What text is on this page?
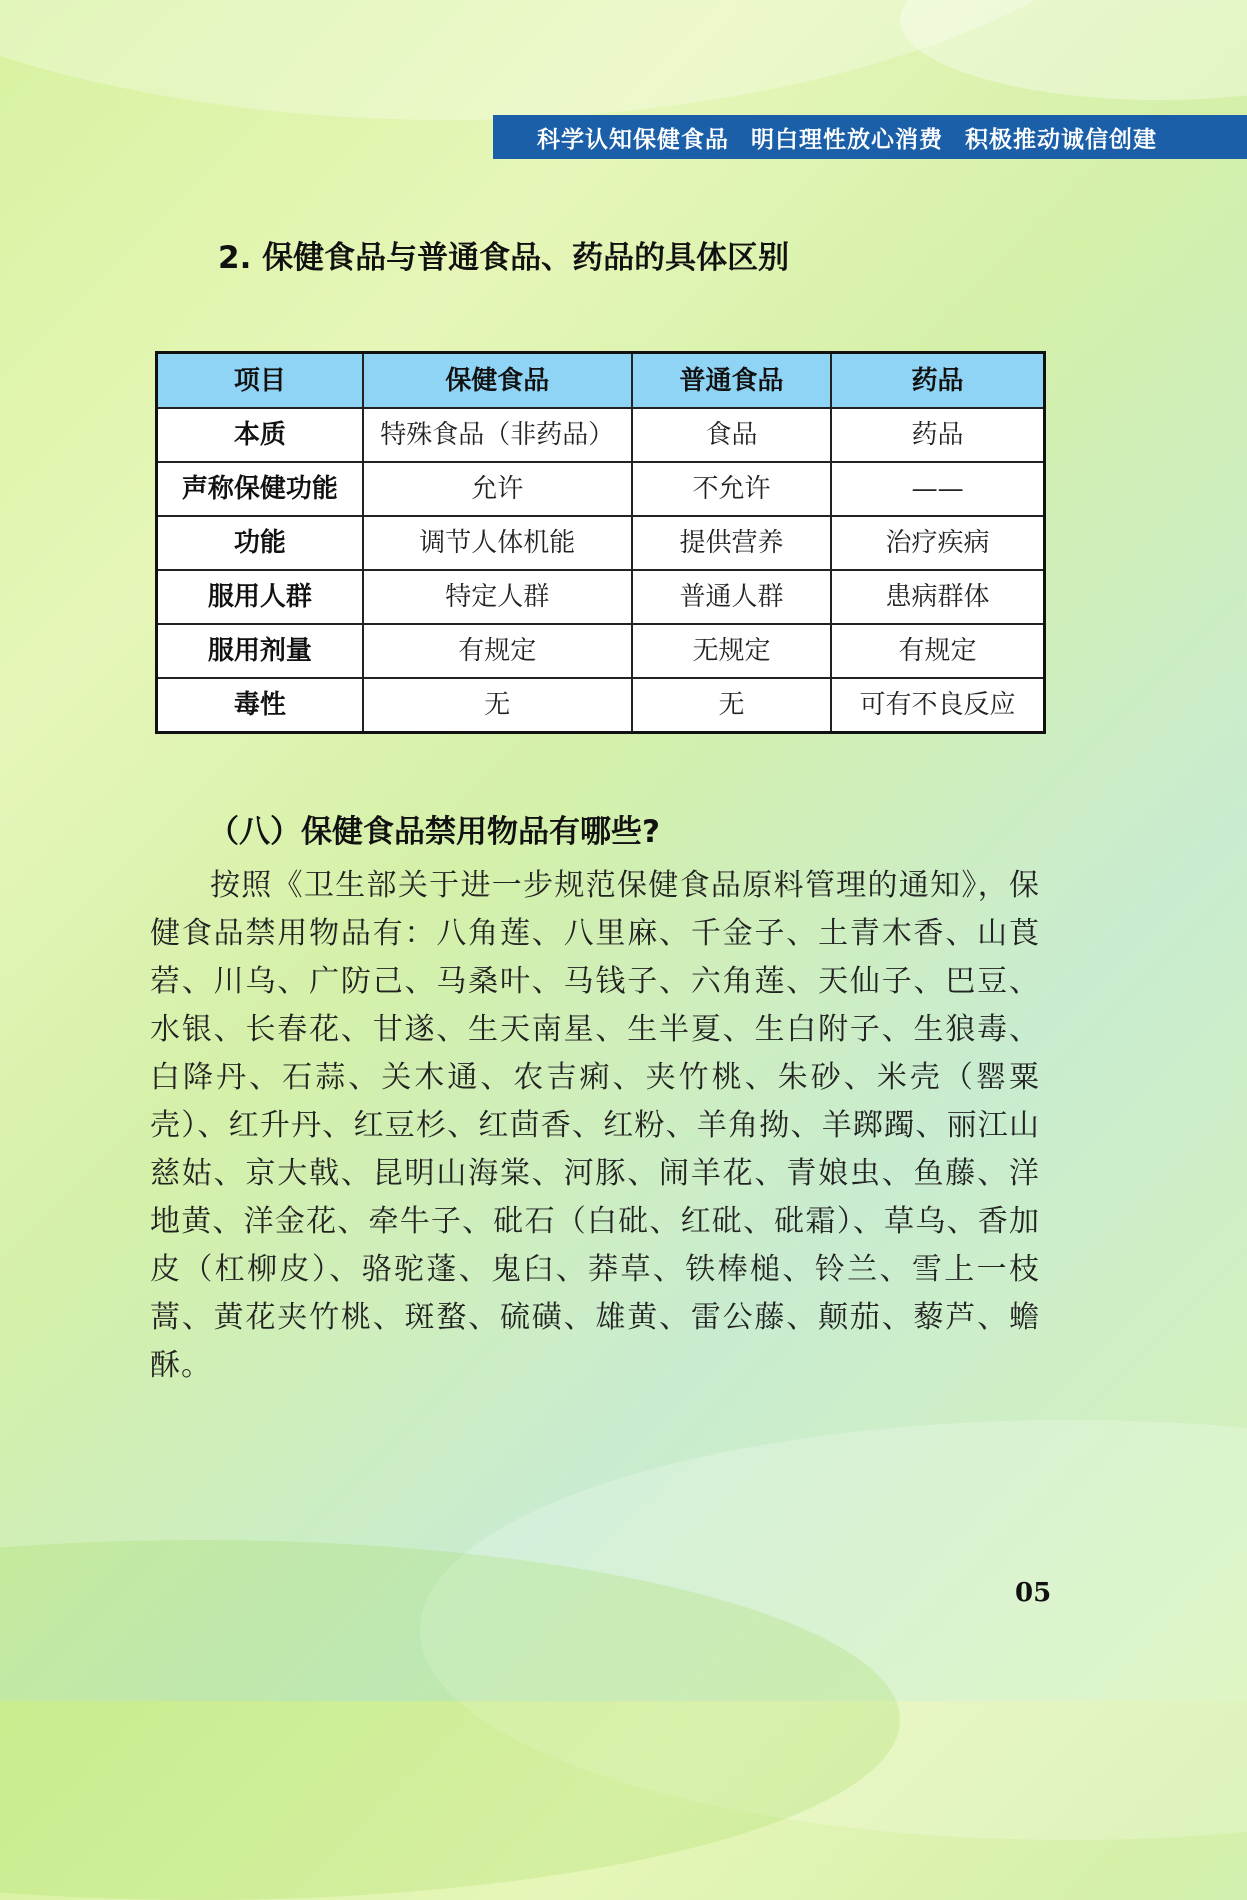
科学认知保健食品 明白理性放心消费 积极推动诚信创建
2. 保健食品与普通食品、药品的具体区别
项目	保健食品	普通食品	药品
本质	特殊食品（非药品）	食品	药品
声称保健功能	允许	不允许	——
功能	调节人体机能	提供营养	治疗疾病
服用人群	特定人群	普通人群	患病群体
服用剂量	有规定	无规定	有规定
毒性	无	无	可有不良反应
（八）保健食品禁用物品有哪些?

按照《卫生部关于进一步规范保健食品原料管理的通知》，保健食品禁用物品有：八角莲、八里麻、千金子、土青木香、山莨菪、川乌、广防己、马桑叶、马钱子、六角莲、天仙子、巴豆、水银、长春花、甘遂、生天南星、生半夏、生白附子、生狼毒、白降丹、石蒜、关木通、农吉痢、夹竹桃、朱砂、米壳（罂粟壳）、红升丹、红豆杉、红茴香、红粉、羊角拗、羊踯躅、丽江山慈姑、京大戟、昆明山海棠、河豚、闹羊花、青娘虫、鱼藤、洋地黄、洋金花、牵牛子、砒石（白砒、红砒、砒霜）、草乌、香加皮（杠柳皮）、骆驼蓬、鬼臼、莽草、铁棒槌、铃兰、雪上一枝蒿、黄花夹竹桃、斑蝥、硫磺、雄黄、雷公藤、颠茄、藜芦、蟾酥。

05
